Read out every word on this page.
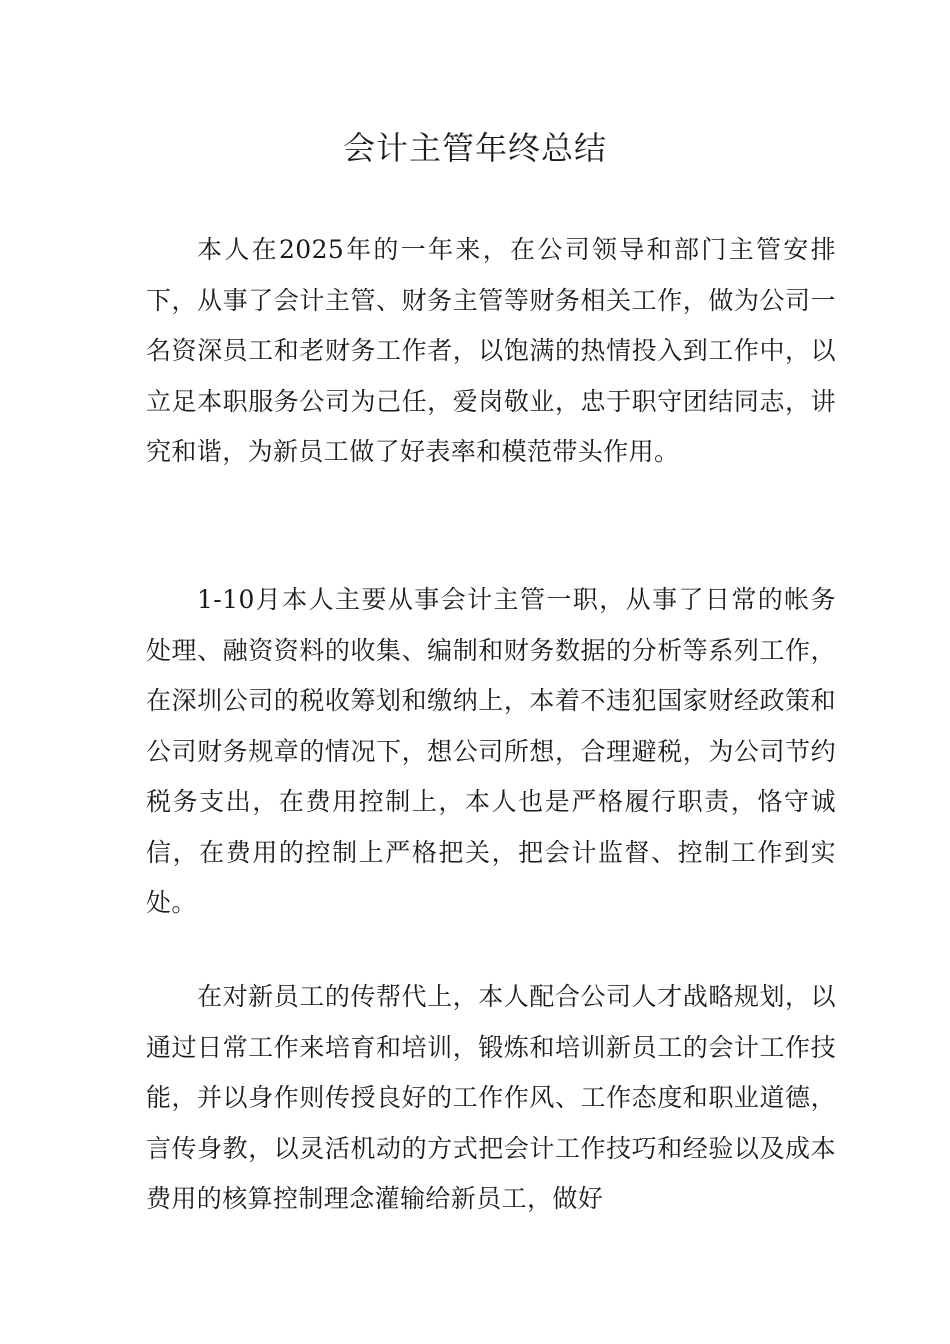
会计主管年终总结

本人在2025年的一年来，在公司领导和部门主管安排下，从事了会计主管、财务主管等财务相关工作，做为公司一名资深员工和老财务工作者，以饱满的热情投入到工作中，以立足本职服务公司为己任，爱岗敬业，忠于职守团结同志，讲究和谐，为新员工做了好表率和模范带头作用。

1-10月本人主要从事会计主管一职，从事了日常的帐务处理、融资资料的收集、编制和财务数据的分析等系列工作，在深圳公司的税收筹划和缴纳上，本着不违犯国家财经政策和公司财务规章的情况下，想公司所想，合理避税，为公司节约税务支出，在费用控制上，本人也是严格履行职责，恪守诚信，在费用的控制上严格把关，把会计监督、控制工作到实处。

在对新员工的传帮代上，本人配合公司人才战略规划，以通过日常工作来培育和培训，锻炼和培训新员工的会计工作技能，并以身作则传授良好的工作作风、工作态度和职业道德，言传身教，以灵活机动的方式把会计工作技巧和经验以及成本费用的核算控制理念灌输给新员工，做好
